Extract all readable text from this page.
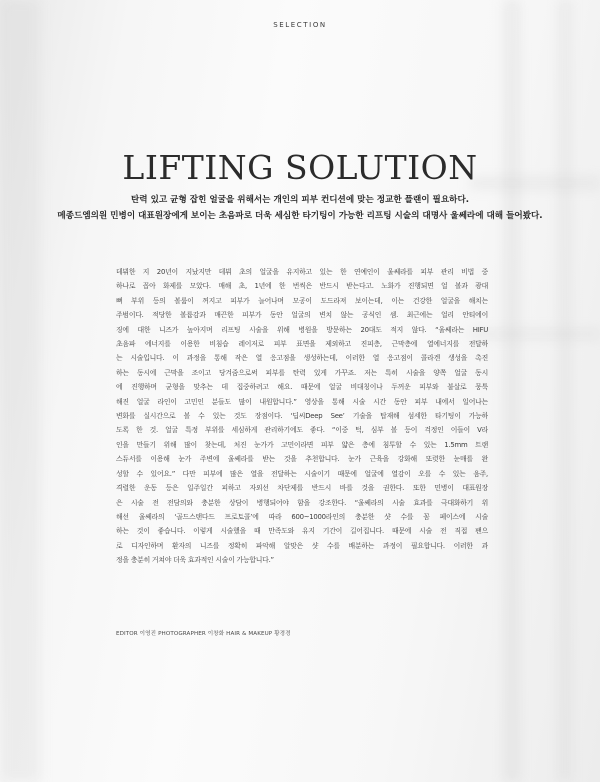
SELECTION
LIFTING SOLUTION
탄력 있고 균형 잡힌 얼굴을 위해서는 개인의 피부 컨디션에 맞는 정교한 플랜이 필요하다.
메종드엠의원 민병이 대표원장에게 보이는 초음파로 더욱 세심한 타기팅이 가능한 리프팅 시술의 대명사 울쎄라에 대해 들어봤다.
데뷔한 지 20년이 지났지만 데뷔 초의 얼굴을 유지하고 있는 한 연예인이 울쎄라를 피부 관리 비법 중
하나로 꼽아 화제를 모았다. 매해 초, 1년에 한 번씩은 반드시 받는다고. 노화가 진행되면 얼 볼과 광대
뼈 부위 등의 볼륨이 꺼지고 피부가 늘어나며 모공이 도드라져 보이는데, 이는 건강한 얼굴을 해치는
주범이다. 적당한 볼륨감과 매끈한 피부가 동안 얼굴의 변치 않는 공식인 셈. 최근에는 얼리 안티에이
징에 대한 니즈가 높아지며 리프팅 시술을 위해 병원을 방문하는 20대도 적지 않다. “울쎄라는 HIFU
초음파 에너지를 이용한 비침습 레이저로 피부 표면을 제외하고 진피층, 근막층에 열에너지를 전달하
는 시술입니다. 이 과정을 통해 작은 열 응고점을 생성하는데, 이러한 열 응고점이 콜라겐 생성을 촉진
하는 동시에 근막을 조이고 당겨줌으로써 피부를 탄력 있게 가꾸죠. 저는 특히 시술을 양쪽 얼굴 동시
에 진행하며 균형을 맞추는 데 집중하려고 해요. 때문에 얼굴 비대칭이나 두꺼운 피부와 불살로 뭉툭
해진 얼굴 라인이 고민인 분들도 많이 내원합니다.” 영상을 통해 시술 시간 동안 피부 내에서 일어나는
변화를 실시간으로 볼 수 있는 것도 장점이다. ‘딥씨Deep See’ 기술을 탑재해 섬세한 타기팅이 가능하
도록 한 것. 얼굴 특정 부위를 세심하게 관리하기에도 좋다. “이중 턱, 심부 볼 등이 걱정인 이들이 V라
인을 만들기 위해 많이 찾는데, 처진 눈가가 고민이라면 피부 얇은 층에 침투할 수 있는 1.5mm 트랜
스듀서를 이용해 눈가 주변에 울쎄라를 받는 것을 추천합니다. 눈가 근육을 강화해 또렷한 눈매를 완
성할 수 있어요.” 다만 피부에 많은 열을 전달하는 시술이기 때문에 얼굴에 열감이 오를 수 있는 음주,
격렬한 운동 등은 일주일간 피하고 자외선 차단제를 반드시 바를 것을 권한다. 또한 민병이 대표원장
은 시술 전 전담의와 충분한 상담이 병행되어야 함을 강조한다. “울쎄라의 시술 효과를 극대화하기 위
해선 울쎄라의 ‘골드스탠다드 프로토콜’에 따라 600~1000라인의 충분한 샷 수를 꼼 페이스에 시술
하는 것이 좋습니다. 이렇게 시술했을 때 만족도와 유지 기간이 길어집니다. 때문에 시술 전 직접 팬으
로 디자인하며 환자의 니즈를 정확히 파악해 알맞은 샷 수를 배분하는 과정이 필요합니다. 이러한 과
정을 충분히 거쳐야 더욱 효과적인 시술이 가능합니다.”
EDITOR 이영진 PHOTOGRAPHER 이창화 HAIR & MAKEUP 황경경
